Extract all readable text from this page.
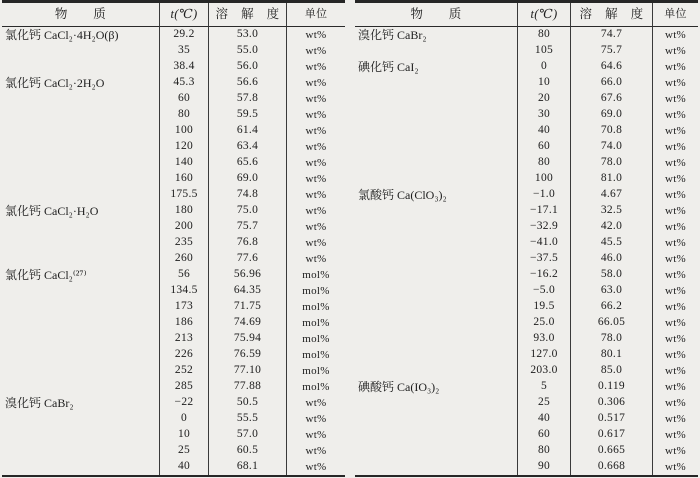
物　　质	t(℃)	溶　解　度	单位
氯化钙 CaCl₂·4H₂O(β)	29.2	53.0	wt%
35	55.0	wt%
38.4	56.0	wt%
氯化钙 CaCl₂·2H₂O	45.3	56.6	wt%
60	57.8	wt%
80	59.5	wt%
100	61.4	wt%
120	63.4	wt%
140	65.6	wt%
160	69.0	wt%
175.5	74.8	wt%
氯化钙 CaCl₂·H₂O	180	75.0	wt%
200	75.7	wt%
235	76.8	wt%
260	77.6	wt%
氯化钙 CaCl₂⁽²⁷⁾	56	56.96	mol%
134.5	64.35	mol%
173	71.75	mol%
186	74.69	mol%
213	75.94	mol%
226	76.59	mol%
252	77.10	mol%
285	77.88	mol%
溴化钙 CaBr₂	−22	50.5	wt%
0	55.5	wt%
10	57.0	wt%
25	60.5	wt%
40	68.1	wt%
物　　质	t(℃)	溶　解　度	单位
溴化钙 CaBr₂	80	74.7	wt%
105	75.7	wt%
碘化钙 CaI₂	0	64.6	wt%
10	66.0	wt%
20	67.6	wt%
30	69.0	wt%
40	70.8	wt%
60	74.0	wt%
80	78.0	wt%
100	81.0	wt%
氯酸钙 Ca(ClO₃)₂	−1.0	4.67	wt%
−17.1	32.5	wt%
−32.9	42.0	wt%
−41.0	45.5	wt%
−37.5	46.0	wt%
−16.2	58.0	wt%
−5.0	63.0	wt%
19.5	66.2	wt%
25.0	66.05	wt%
93.0	78.0	wt%
127.0	80.1	wt%
203.0	85.0	wt%
碘酸钙 Ca(IO₃)₂	5	0.119	wt%
25	0.306	wt%
40	0.517	wt%
60	0.617	wt%
80	0.665	wt%
90	0.668	wt%
